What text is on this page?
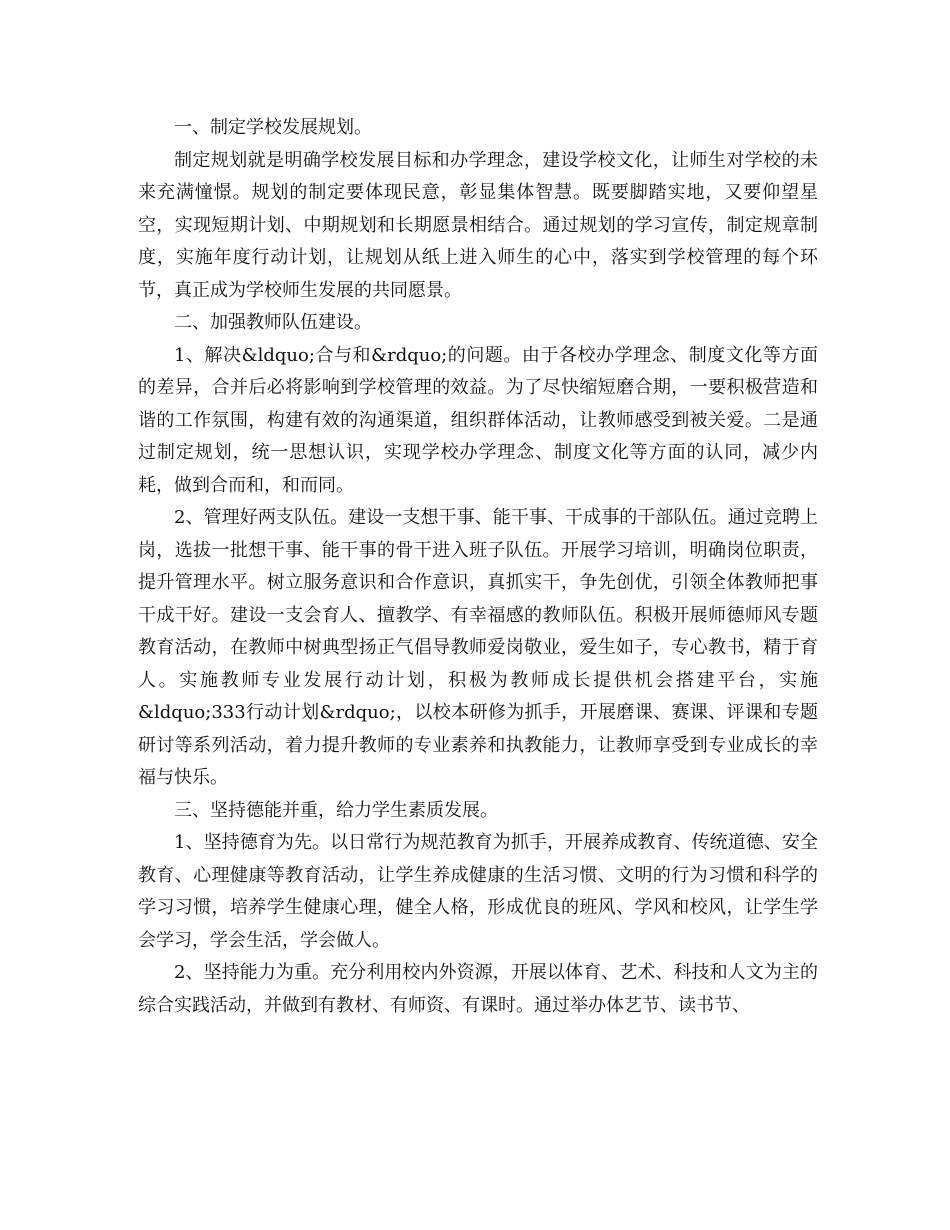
一、制定学校发展规划。

制定规划就是明确学校发展目标和办学理念，建设学校文化，让师生对学校的未来充满憧憬。规划的制定要体现民意，彰显集体智慧。既要脚踏实地，又要仰望星空，实现短期计划、中期规划和长期愿景相结合。通过规划的学习宣传，制定规章制度，实施年度行动计划，让规划从纸上进入师生的心中，落实到学校管理的每个环节，真正成为学校师生发展的共同愿景。

二、加强教师队伍建设。

1、解决&ldquo;合与和&rdquo;的问题。由于各校办学理念、制度文化等方面的差异，合并后必将影响到学校管理的效益。为了尽快缩短磨合期，一要积极营造和谐的工作氛围，构建有效的沟通渠道，组织群体活动，让教师感受到被关爱。二是通过制定规划，统一思想认识，实现学校办学理念、制度文化等方面的认同，减少内耗，做到合而和，和而同。

2、管理好两支队伍。建设一支想干事、能干事、干成事的干部队伍。通过竞聘上岗，选拔一批想干事、能干事的骨干进入班子队伍。开展学习培训，明确岗位职责，提升管理水平。树立服务意识和合作意识，真抓实干，争先创优，引领全体教师把事干成干好。建设一支会育人、擅教学、有幸福感的教师队伍。积极开展师德师风专题教育活动，在教师中树典型扬正气倡导教师爱岗敬业，爱生如子，专心教书，精于育人。实施教师专业发展行动计划，积极为教师成长提供机会搭建平台，实施&ldquo;333行动计划&rdquo;，以校本研修为抓手，开展磨课、赛课、评课和专题研讨等系列活动，着力提升教师的专业素养和执教能力，让教师享受到专业成长的幸福与快乐。

三、坚持德能并重，给力学生素质发展。

1、坚持德育为先。以日常行为规范教育为抓手，开展养成教育、传统道德、安全教育、心理健康等教育活动，让学生养成健康的生活习惯、文明的行为习惯和科学的学习习惯，培养学生健康心理，健全人格，形成优良的班风、学风和校风，让学生学会学习，学会生活，学会做人。

2、坚持能力为重。充分利用校内外资源，开展以体育、艺术、科技和人文为主的综合实践活动，并做到有教材、有师资、有课时。通过举办体艺节、读书节、
